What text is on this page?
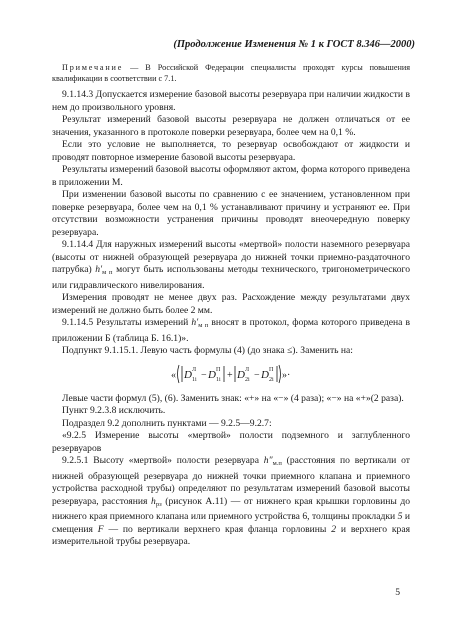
(Продолжение Изменения № 1 к ГОСТ 8.346—2000)

Примечание — В Российской Федерации специалисты проходят курсы повышения квалификации в соответствии с 7.1.

9.1.14.3 Допускается измерение базовой высоты резервуара при наличии жидкости в нем до произвольного уровня.

Результат измерений базовой высоты резервуара не должен отличаться от ее значения, указанного в протоколе поверки резервуара, более чем на 0,1 %.

Если это условие не выполняется, то резервуар освобождают от жидкости и проводят повторное измерение базовой высоты резервуара.

Результаты измерений базовой высоты оформляют актом, форма которого приведена в приложении М.

При изменении базовой высоты по сравнению с ее значением, установленном при поверке резервуара, более чем на 0,1 % устанавливают причину и устраняют ее. При отсутствии возможности устранения причины проводят внеочередную поверку резервуара.

9.1.14.4 Для наружных измерений высоты «мертвой» полости наземного резервуара (высоты от нижней образующей резервуара до нижней точки приемно-раздаточного патрубка) $h'_{м п}$ могут быть использованы методы технического, тригонометрического или гидравлического нивелирования.

Измерения проводят не менее двух раз. Расхождение между результатами двух измерений не должно быть более 2 мм.

9.1.14.5 Результаты измерений $h'_{м п}$ вносят в протокол, форма которого приведена в приложении Б (таблица Б. 16.1)».

Подпункт 9.1.15.1. Левую часть формулы (4) (до знака ≤). Заменить на:

« D Л
1i − D П
1i + D Л
2i − D П
2i »·

Левые части формул (5), (6). Заменить знак: «+» на «−» (4 раза); «−» на «+»(2 раза).

Пункт 9.2.3.8 исключить.

Подраздел 9.2 дополнить пунктами — 9.2.5—9.2.7:

«9.2.5 Измерение высоты «мертвой» полости подземного и заглубленного резервуаров

9.2.5.1 Высоту «мертвой» полости резервуара $h''_{м.п}$ (расстояния по вертикали от нижней образующей резервуара до нижней точки приемного клапана и приемного устройства расходной трубы) определяют по результатам измерений базовой высоты резервуара, расстояния $h_{рз}$ (рисунок А.11) — от нижнего края крышки горловины до нижнего края приемного клапана или приемного устройства 6, толщины прокладки 5 и смещения F — по вертикали верхнего края фланца горловины 2 и верхнего края измерительной трубы резервуара.

5
